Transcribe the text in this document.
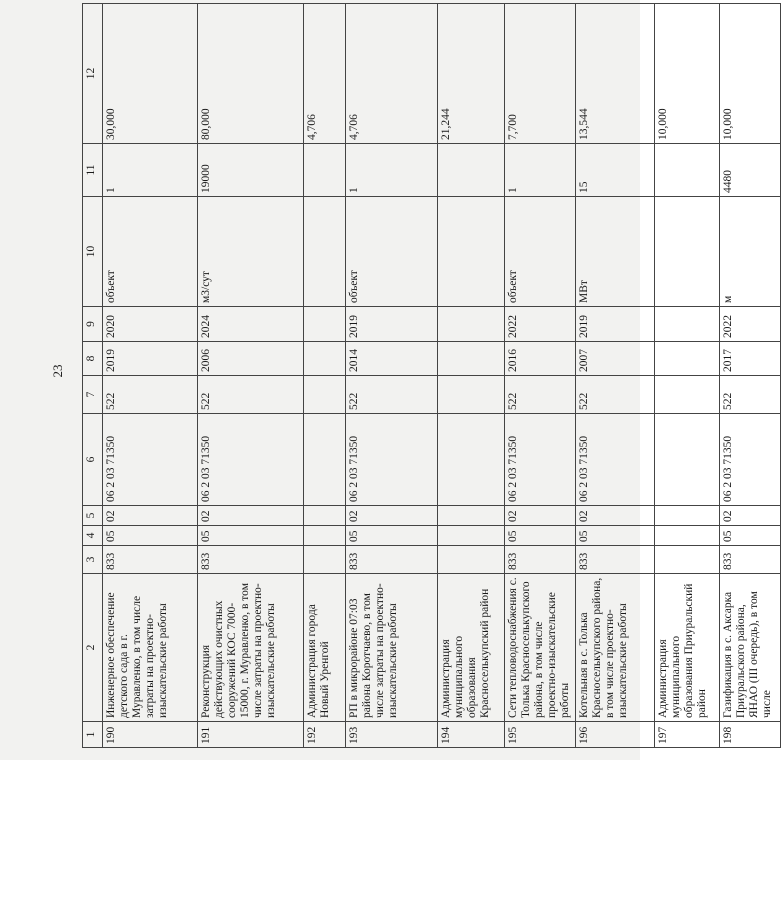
23
1	2	3	4	5	6	7	8	9	10	11	12
190	Инженерное обеспечение детского сада в г. Муравленко, в том числе затраты на проектно-изыскательские работы	833	05	02	06 2 03 71350	522	2019	2020	объект	1	30,000
191	Реконструкция действующих очистных сооружений КОС 7000-15000, г. Муравленко, в том числе затраты на проектно-изыскательские работы	833	05	02	06 2 03 71350	522	2006	2024	м3/сут	19000	80,000
192	Администрация города Новый Уренгой										4,706
193	РП в микрорайоне 07:03 района Коротчаево, в том числе затраты на проектно-изыскательские работы	833	05	02	06 2 03 71350	522	2014	2019	объект	1	4,706
194	Администрация муниципального образования Красноселькупский район										21,244
195	Сети тепловодоснабжения с. Толька Красноселькупского района, в том числе проектно-изыскательские работы	833	05	02	06 2 03 71350	522	2016	2022	объект	1	7,700
196	Котельная в с. Толька Красноселькупского района, в том числе проектно-изыскательские работы	833	05	02	06 2 03 71350	522	2007	2019	МВт	15	13,544
197	Администрация муниципального образования Приуральский район										10,000
198	Газификация в с. Аксарка Приуральского района, ЯНАО (III очередь), в том числе	833	05	02	06 2 03 71350	522	2017	2022	м	4480	10,000
